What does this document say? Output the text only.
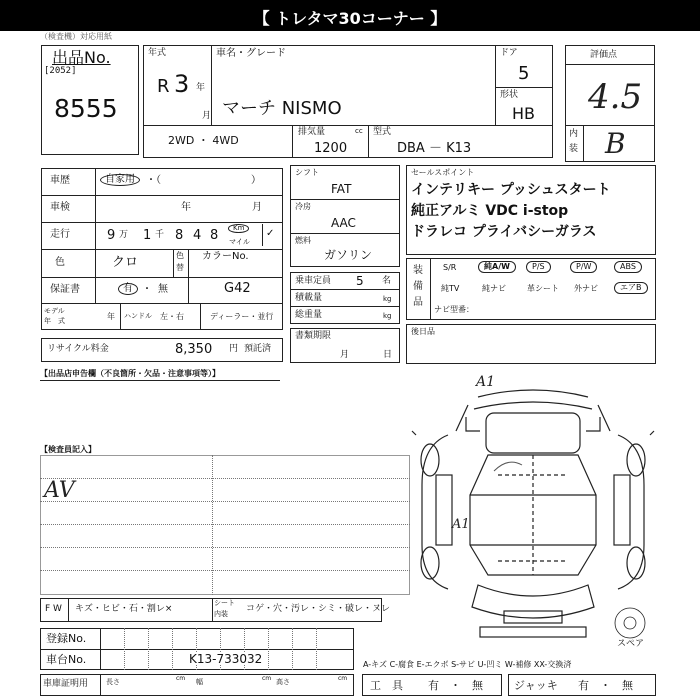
【 トレタマ30コーナー 】
（検査機）対応用紙
出品No.
[2052]
8555
年式
R 3 年
月
車名・グレード
マーチ NISMO
ドア
5
形状
HB
2WD ・ 4WD
排気量	cc
1200
型式
DBA － K13
評価点
4.5
内
装 B
車歴	自家用	・（　　　　　　　　　）
車検	年	月
走行	9 万 1 千 8 4 8	Km
マイル
✓
色	クロ	色
替
カラーNo.
G42
保証書	有 ・ 無
モデル
年　式	年 ハンドル 左・右	ディーラー・並行
リサイクル料金	8,350 円 預託済
シフト
FAT
冷房
AAC
燃料
ガソリン
乗車定員 5 名
積載量	kg
総重量	kg
書類期限
月	日
セールスポイント
インテリキー プッシュスタート
純正アルミ VDC i-stop
ドラレコ プライバシーガラス
装
備
品
S/R	純A/W	P/S	P/W	ABS
純TV	純ナビ	革シート 外ナビ	エアB
ナビ型番：
後日品
【出品店申告欄（不良箇所・欠品・注意事項等）】
【検査員記入】
AV
A1
A1
スペア
F W キズ・ヒビ・石・割レ×
シート
内装 コゲ・穴・汚レ・シミ・破レ・ヌレ
登録No.
車台No.	K13-733032	A-キズ C-腐食 E-エクボ S-サビ U-凹ミ W-補修 XX-交換済
車庫証明用	長さ	cm 幅	cm 高さ	cm
工　具 有　・　無	ジャッキ 有　・　無
